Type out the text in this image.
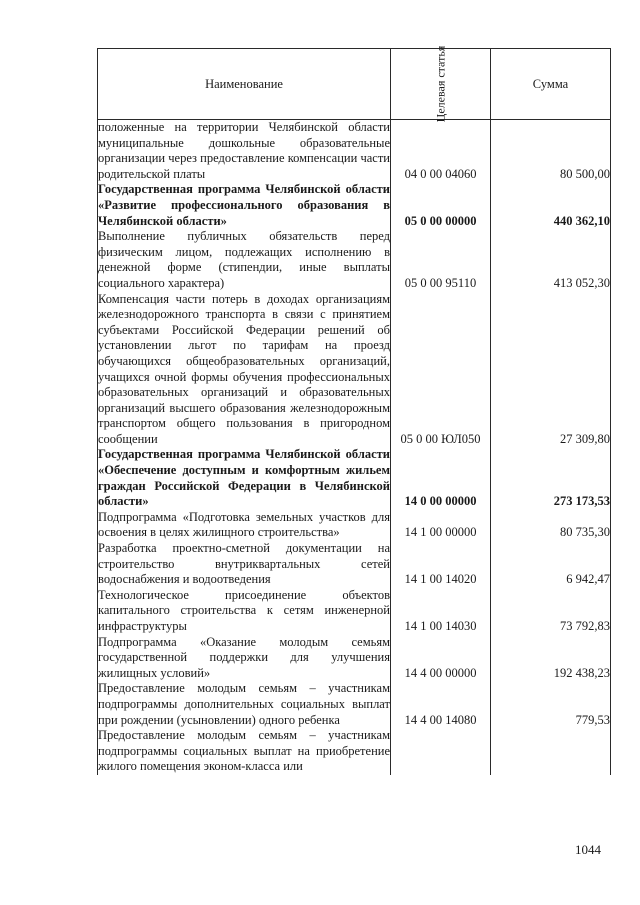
Наименование	Целевая статья	Сумма
положенные на территории Челябинской области муниципальные дошкольные образовательные организации через предоставление компенсации части родительской платы	04 0 00 04060	80 500,00
Государственная программа Челябинской области «Развитие профессионального образования в Челябинской области»	05 0 00 00000	440 362,10
Выполнение публичных обязательств перед физическим лицом, подлежащих исполнению в денежной форме (стипендии, иные выплаты социального характера)	05 0 00 95110	413 052,30
Компенсация части потерь в доходах организациям железнодорожного транспорта в связи с принятием субъектами Российской Федерации решений об установлении льгот по тарифам на проезд обучающихся общеобразовательных организаций, учащихся очной формы обучения профессиональных образовательных организаций и образовательных организаций высшего образования железнодорожным транспортом общего пользования в пригородном сообщении	05 0 00 ЮЛ050	27 309,80
Государственная программа Челябинской области «Обеспечение доступным и комфортным жильем граждан Российской Федерации в Челябинской области»	14 0 00 00000	273 173,53
Подпрограмма «Подготовка земельных участков для освоения в целях жилищного строительства»	14 1 00 00000	80 735,30
Разработка проектно-сметной документации на строительство внутриквартальных сетей водоснабжения и водоотведения	14 1 00 14020	6 942,47
Технологическое присоединение объектов капитального строительства к сетям инженерной инфраструктуры	14 1 00 14030	73 792,83
Подпрограмма «Оказание молодым семьям государственной поддержки для улучшения жилищных условий»	14 4 00 00000	192 438,23
Предоставление молодым семьям – участникам подпрограммы дополнительных социальных выплат при рождении (усыновлении) одного ребенка	14 4 00 14080	779,53
Предоставление молодым семьям – участникам подпрограммы социальных выплат на приобретение жилого помещения эконом-класса или		
1044
